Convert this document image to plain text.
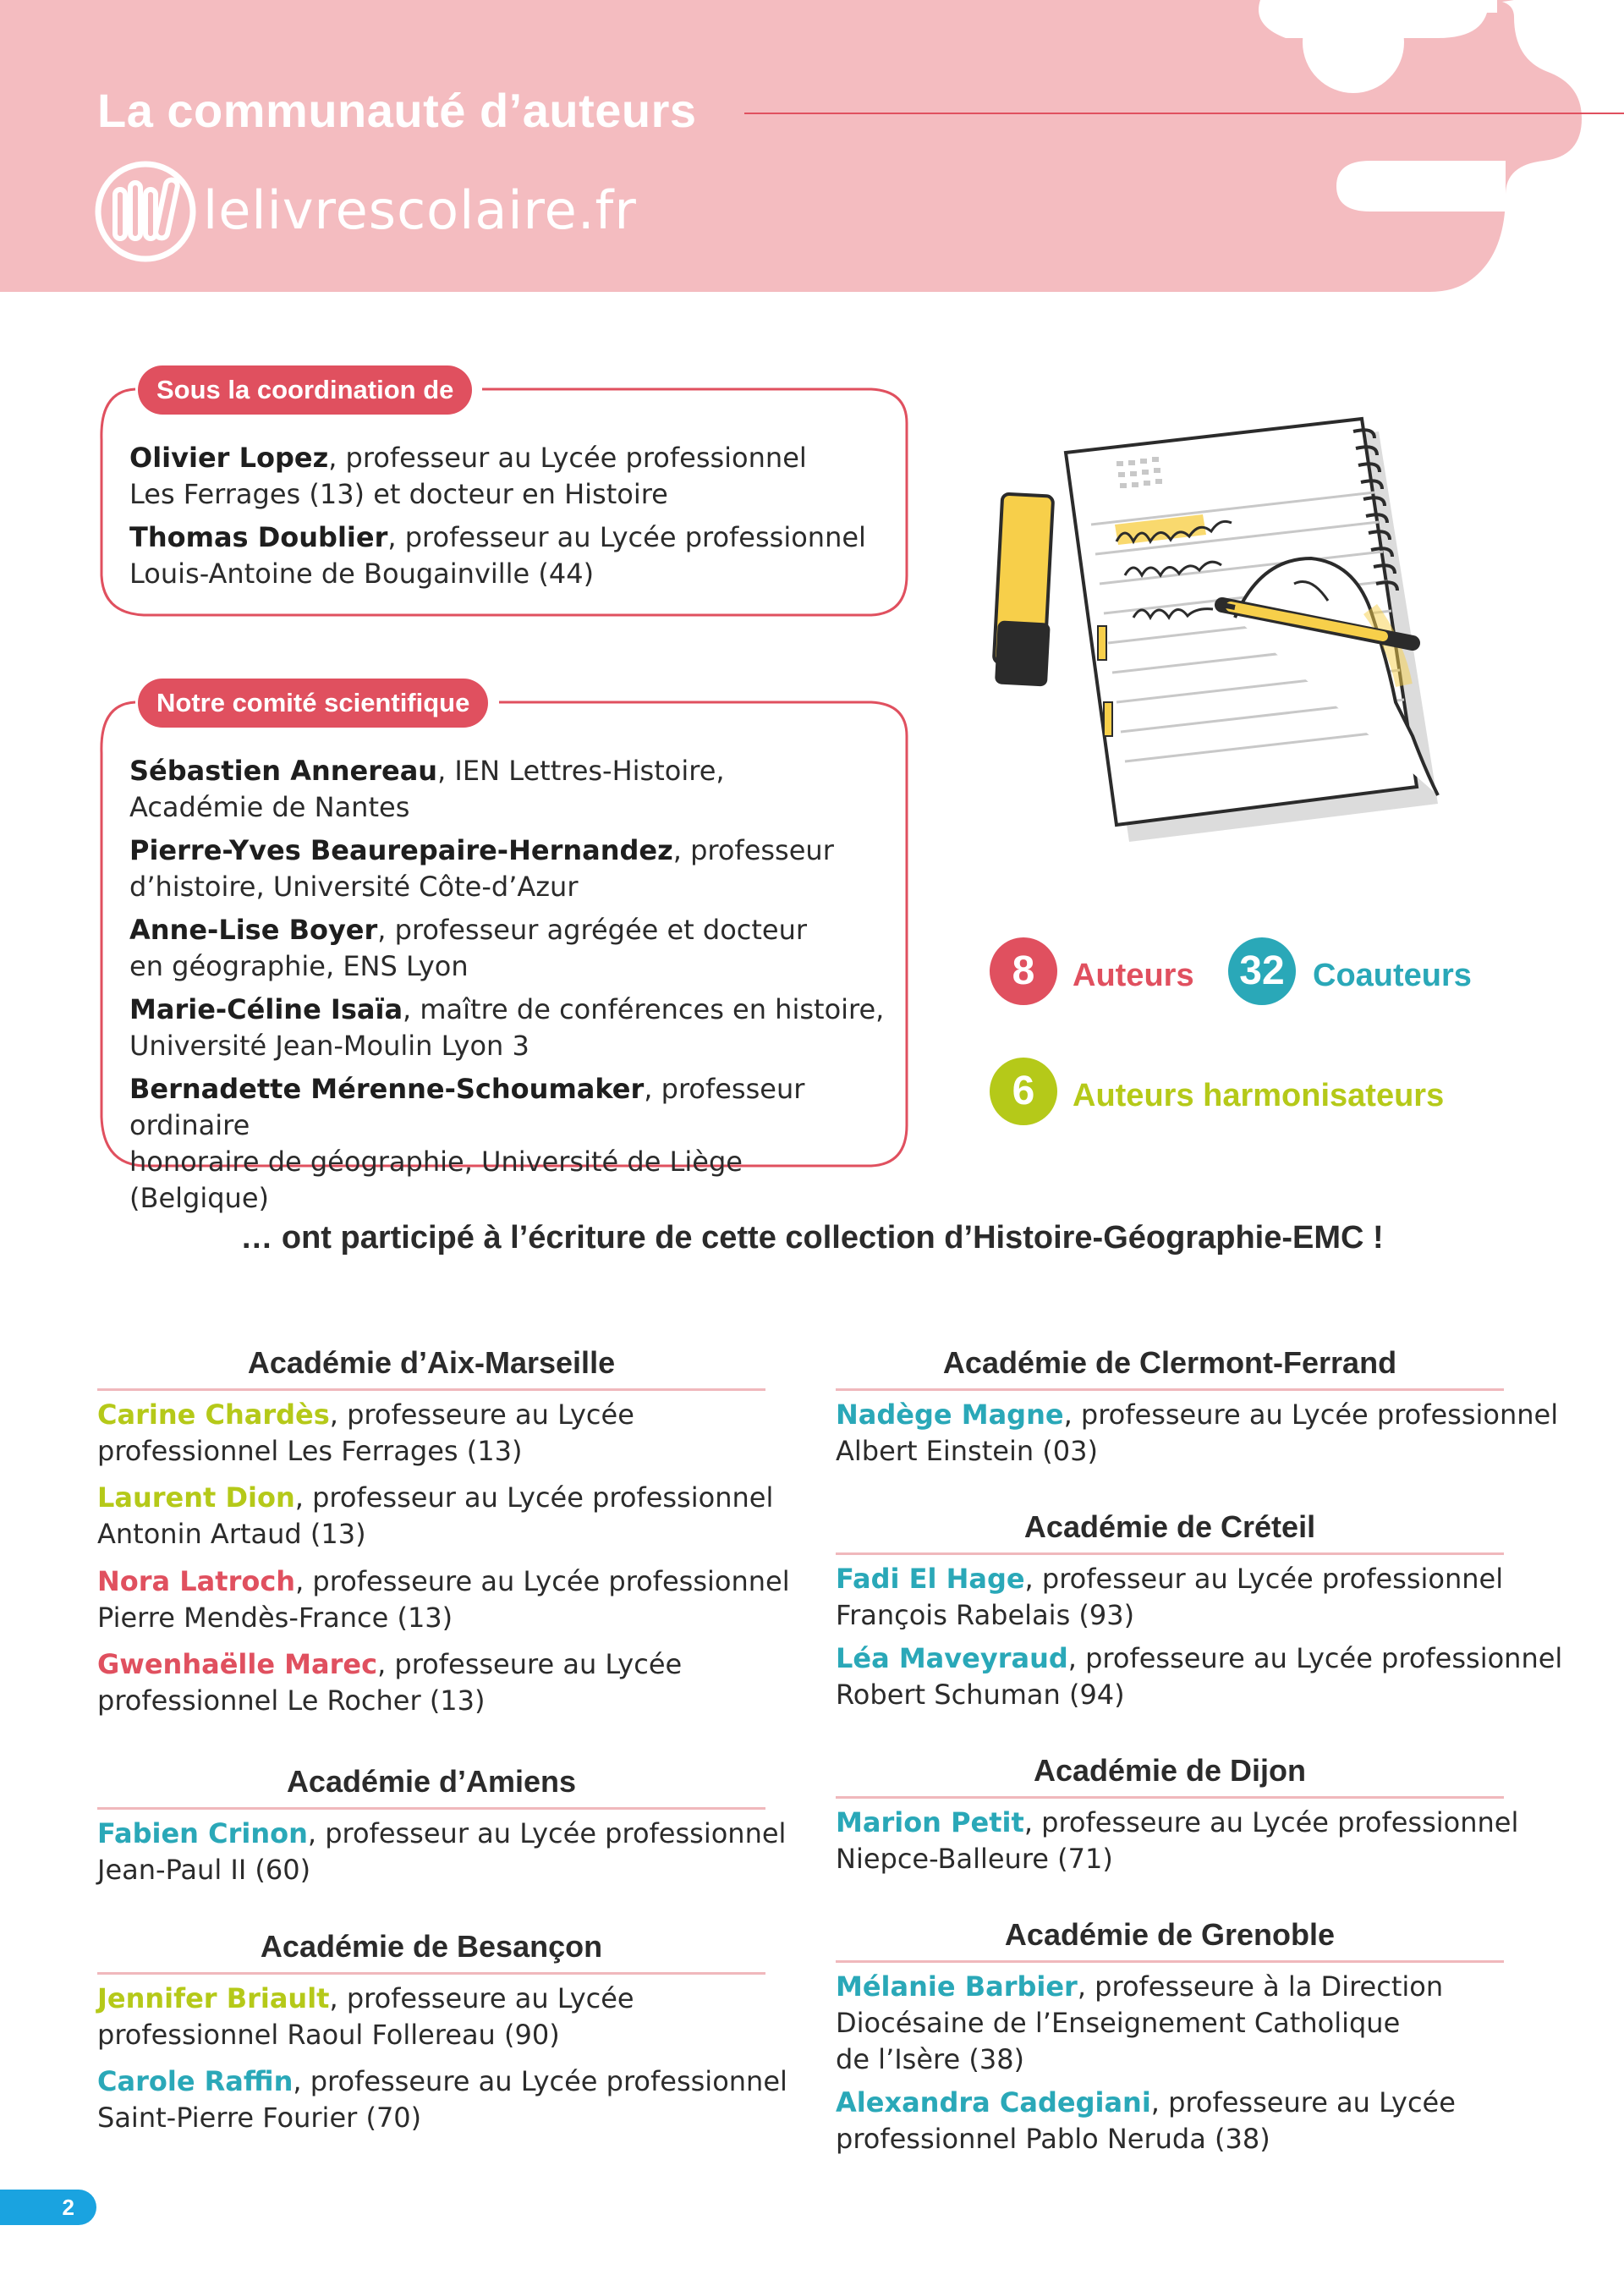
La communauté d’auteurs
lelivrescolaire.fr
Sous la coordination de
Olivier Lopez, professeur au Lycée professionnel
Les Ferrages (13) et docteur en Histoire
Thomas Doublier, professeur au Lycée professionnel
Louis-Antoine de Bougainville (44)
Notre comité scientifique
Sébastien Annereau, IEN Lettres-Histoire,
Académie de Nantes
Pierre-Yves Beaurepaire-Hernandez, professeur
d’histoire, Université Côte-d’Azur
Anne-Lise Boyer, professeur agrégée et docteur
en géographie, ENS Lyon
Marie-Céline Isaïa, maître de conférences en histoire,
Université Jean-Moulin Lyon 3
Bernadette Mérenne-Schoumaker, professeur ordinaire
honoraire de géographie, Université de Liège (Belgique)
8	Auteurs 32 Coauteurs
6	Auteurs harmonisateurs
… ont participé à l’écriture de cette collection d’Histoire-Géographie-EMC !
Académie d’Aix-Marseille
Carine Chardès, professeure au Lycée
professionnel Les Ferrages (13)
Laurent Dion, professeur au Lycée professionnel
Antonin Artaud (13)
Nora Latroch, professeure au Lycée professionnel
Pierre Mendès-France (13)
Gwenhaëlle Marec, professeure au Lycée
professionnel Le Rocher (13)
Académie d’Amiens
Fabien Crinon, professeur au Lycée professionnel
Jean-Paul II (60)
Académie de Besançon
Jennifer Briault, professeure au Lycée
professionnel Raoul Follereau (90)
Carole Raffin, professeure au Lycée professionnel
Saint-Pierre Fourier (70)
Académie de Clermont-Ferrand
Nadège Magne, professeure au Lycée professionnel
Albert Einstein (03)
Académie de Créteil
Fadi El Hage, professeur au Lycée professionnel
François Rabelais (93)
Léa Maveyraud, professeure au Lycée professionnel
Robert Schuman (94)
Académie de Dijon
Marion Petit, professeure au Lycée professionnel
Niepce-Balleure (71)
Académie de Grenoble
Mélanie Barbier, professeure à la Direction
Diocésaine de l’Enseignement Catholique
de l’Isère (38)
Alexandra Cadegiani, professeure au Lycée
professionnel Pablo Neruda (38)
2
